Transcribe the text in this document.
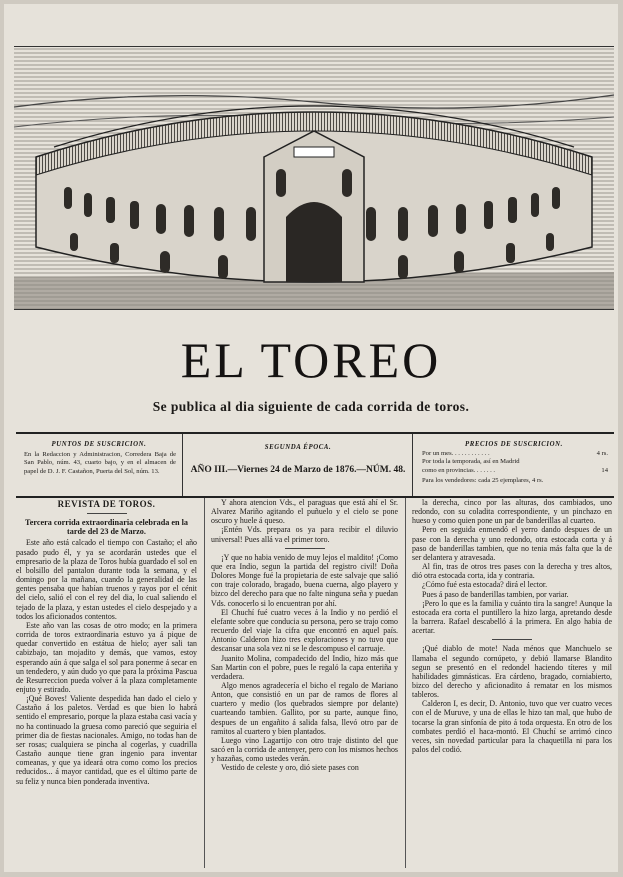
EL TOREO
Se publica al dia siguiente de cada corrida de toros.
PUNTOS DE SUSCRICION.
En la Redaccion y Administracion, Corredera Baja de San Pablo, núm. 43, cuarto bajo, y en el almacen de papel de D. J. F. Castañon, Puerta del Sol, núm. 13.
SEGUNDA ÉPOCA.
AÑO III.—Viernes 24 de Marzo de 1876.—NÚM. 48.
PRECIOS DE SUSCRICION.
Por un mes. . . . . . . . . . . .	4 rs.
Por toda la temporada, así en Madrid
como en provincias. . . . . . .	14
Para los vendedores: cada 25 ejemplares, 4 rs.

REVISTA DE TOROS.

Tercera corrida extraordinaria celebrada en la tarde del 23 de Marzo.

Este año está calcado el tiempo con Castaño; el año pasado pudo él, y ya se acordarán ustedes que el empresario de la plaza de Toros hubía guardado el sol en el bolsillo del pantalon durante toda la semana, y el domingo por la mañana, cuando la generalidad de las gentes pensaba que habían truenos y rayos por el cénit del cielo, salió el con el rey del dia, lo cual saliendo el tejado de la plaza, y estan ustedes el cielo despejado y a todos los aficionados contentos.

Este año van las cosas de otro modo; en la primera corrida de toros extraordinaria estuvo ya á pique de quedar convertido en estátua de hielo; ayer sali tan cabizbajo, tan mojadito y demás, que vamos, estoy esperando aún á que salga el sol para ponerme á secar en un tendedero, y aún dudo yo que para la próxima Pascua de Resurreccion pueda volver á la plaza completamente enjuto y estirado.

¡Qué Boves! Valiente despedida han dado el cielo y Castaño á los paletos. Verdad es que bien lo habrá sentido el empresario, porque la plaza estaba casi vacía y no ha continuado la gruesa como pareció que seguiria el primer dia de fiestas nacionales. Amigo, no todas han de ser rosas; cualquiera se pincha al cogerlas, y cuadrilla Castaño aunque tiene gran ingenio para inventar comeanas, y que ya ideará otra como como los precios reducidos... á mayor cantidad, que es el último parte de su feliz y nunca bien ponderada inventiva.

Y ahora atencion Vds., el paraguas que está ahí el Sr. Alvarez Mariño agitando el puñuelo y el cielo se pone oscuro y huele á queso.

¡Entén Vds. prepara os ya para recibir el diluvio universal! Pues allá va el primer toro.

¡Y que no habia venido de muy lejos el maldito! ¡Como que era Indio, segun la partida del registro civil! Doña Dolores Monge fué la propietaria de este salvaje que salió con traje colorado, bragado, buena cuerna, algo playero y bizco del derecho para que no falte ninguna seña y puedan Vds. conocerlo si lo encuentran por ahí.

El Chuchí fué cuatro veces á la Indio y no perdió el elefante sobre que conducia su persona, pero se trajo como recuerdo del viaje la cifra que encontró en aquel país. Antonio Calderon hizo tres exploraciones y no tuvo que descansar una sola vez ni se le descompuso el carruaje.

Juanito Molina, compadecido del Indio, hizo más que San Martin con el pobre, pues le regaló la capa enteriña y verdadera.

Algo menos agradecería el bicho el regalo de Mariano Anton, que consistió en un par de ramos de flores al cuartero y medio (los quebrados siempre por delante) cuarteando tambien. Gallito, por su parte, aunque fino, despues de un engañito á salida falsa, llevó otro par de ramitos al cuartero y bien plantados.

Luego vino Lagartijo con otro traje distinto del que sacó en la corrida de antenyer, pero con los mismos hechos y hazañas, como ustedes verán.

Vestido de celeste y oro, dió siete pases con

la derecha, cinco por las alturas, dos cambiados, uno redondo, con su coladita correspondiente, y un pinchazo en hueso y como quien pone un par de banderillas al cuarteo.

Pero en seguida enmendó el yerro dando despues de un pase con la derecha y uno redondo, otra estocada corta y á paso de banderillas tambien, que no tenia más falta que la de ser delantera y atravesada.

Al fin, tras de otros tres pases con la derecha y tres altos, dió otra estocada corta, ida y contraria.

¿Cómo fué esta estocada? dirá el lector.

Pues á paso de banderillas tambien, por variar.

¡Pero lo que es la familia y cuánto tira la sangre! Aunque la estocada era corta el puntillero la hizo larga, apretando desde la barrera. Rafael descabelló á la primera. En algo habia de acertar.

¡Qué diablo de mote! Nada ménos que Manchuelo se llamaba el segundo cornúpeto, y debió llamarse Blandito segun se presentó en el redondel haciendo títeres y mil habilidades gimnásticas. Era cárdeno, bragado, corniabierto, bizco del derecho y aficionadito á rematar en los mismos tableros.

Calderon I, es decir, D. Antonio, tuvo que ver cuatro veces con el de Muruve, y una de ellas le hizo tan mal, que hubo de tocarse la gran sinfonía de pito á toda orquesta. En otro de los combates perdió el haca-montó. El Chuchí se arrimó cinco veces, sin novedad particular para la chaquetilla ni para los palos del codió.
